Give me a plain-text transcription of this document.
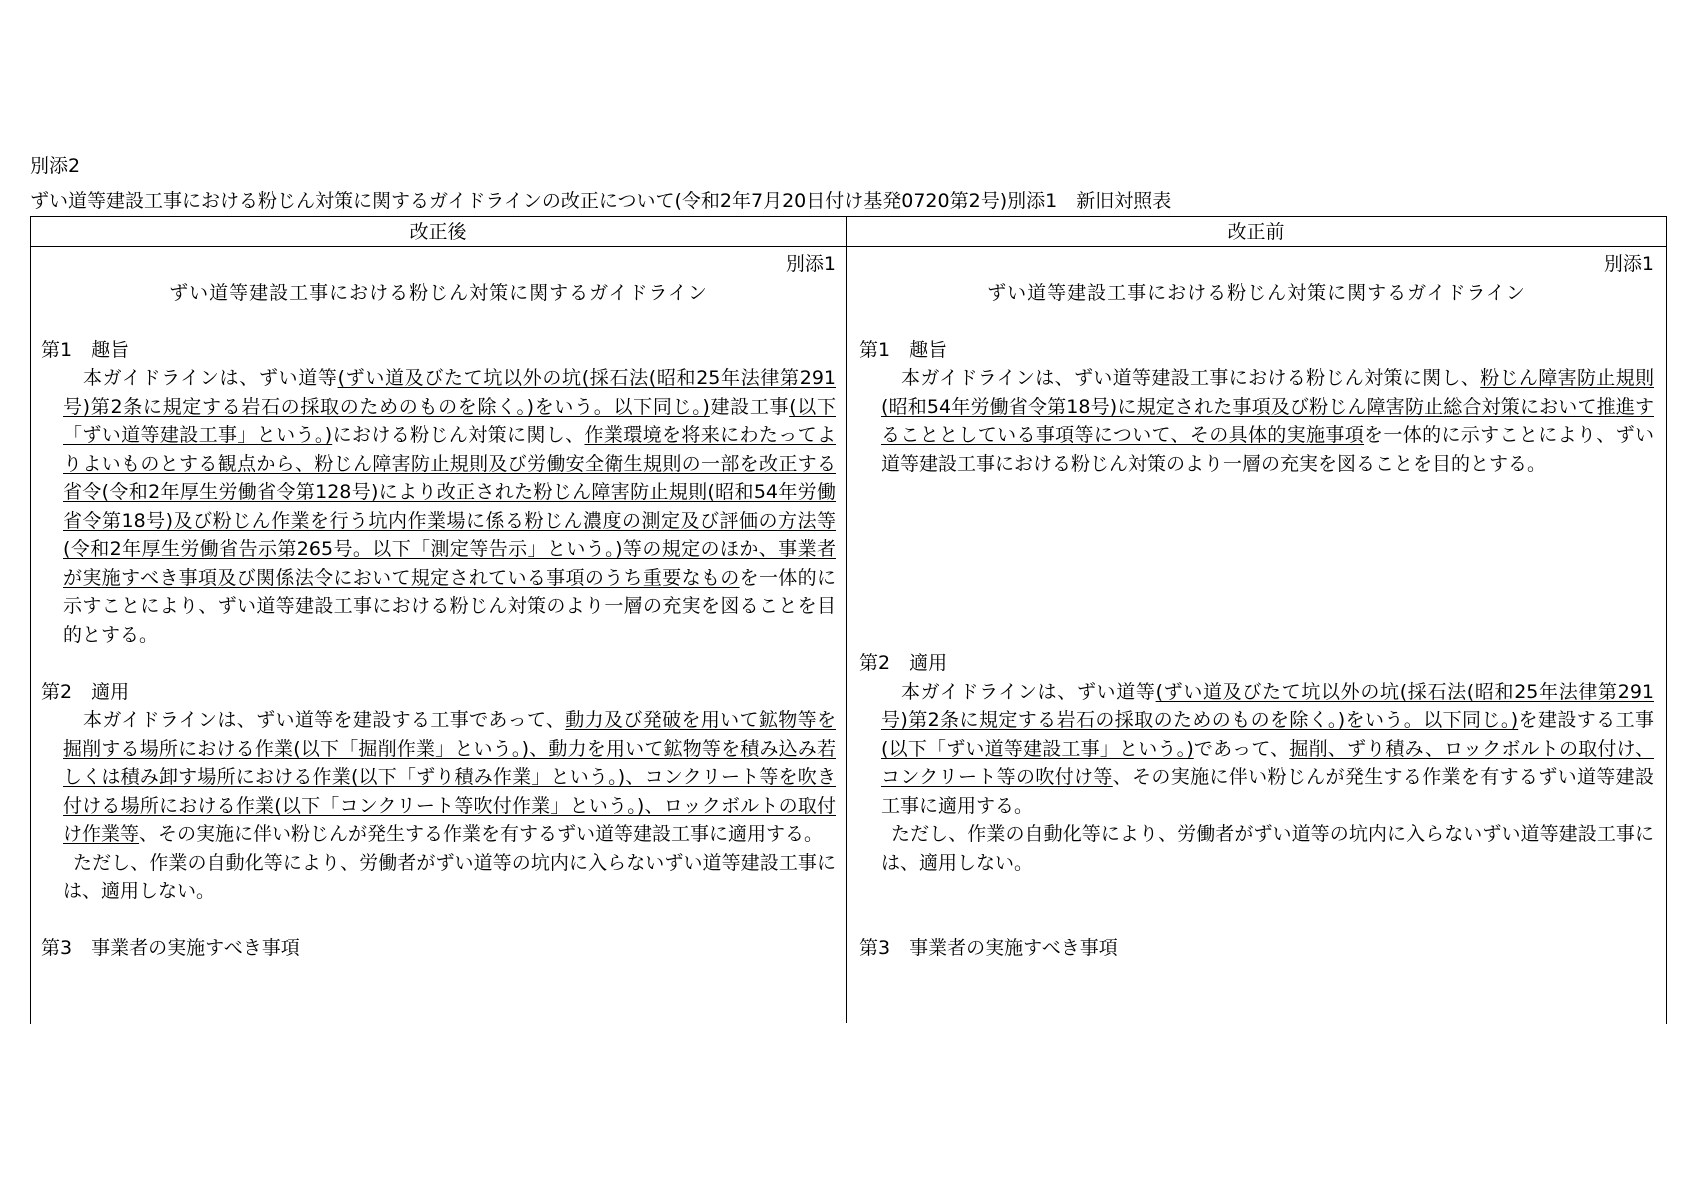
別添2
ずい道等建設工事における粉じん対策に関するガイドラインの改正について(令和2年7月20日付け基発0720第2号)別添1　新旧対照表
改正後	改正前

別添1

ずい道等建設工事における粉じん対策に関するガイドライン

第1　趣旨

本ガイドラインは、ずい道等(ずい道及びたて坑以外の坑(採石法(昭和25年法律第291号)第2条に規定する岩石の採取のためのものを除く。)をいう。以下同じ。)建設工事(以下「ずい道等建設工事」という。)における粉じん対策に関し、作業環境を将来にわたってよりよいものとする観点から、粉じん障害防止規則及び労働安全衛生規則の一部を改正する省令(令和2年厚生労働省令第128号)により改正された粉じん障害防止規則(昭和54年労働省令第18号)及び粉じん作業を行う坑内作業場に係る粉じん濃度の測定及び評価の方法等(令和2年厚生労働省告示第265号。以下「測定等告示」という。)等の規定のほか、事業者が実施すべき事項及び関係法令において規定されている事項のうち重要なものを一体的に示すことにより、ずい道等建設工事における粉じん対策のより一層の充実を図ることを目的とする。

第2　適用

本ガイドラインは、ずい道等を建設する工事であって、動力及び発破を用いて鉱物等を掘削する場所における作業(以下「掘削作業」という。)、動力を用いて鉱物等を積み込み若しくは積み卸す場所における作業(以下「ずり積み作業」という。)、コンクリート等を吹き付ける場所における作業(以下「コンクリート等吹付作業」という。)、ロックボルトの取付け作業等、その実施に伴い粉じんが発生する作業を有するずい道等建設工事に適用する。

ただし、作業の自動化等により、労働者がずい道等の坑内に入らないずい道等建設工事には、適用しない。

第3　事業者の実施すべき事項

別添1

ずい道等建設工事における粉じん対策に関するガイドライン

第1　趣旨

本ガイドラインは、ずい道等建設工事における粉じん対策に関し、粉じん障害防止規則(昭和54年労働省令第18号)に規定された事項及び粉じん障害防止総合対策において推進することとしている事項等について、その具体的実施事項を一体的に示すことにより、ずい道等建設工事における粉じん対策のより一層の充実を図ることを目的とする。

第2　適用

本ガイドラインは、ずい道等(ずい道及びたて坑以外の坑(採石法(昭和25年法律第291号)第2条に規定する岩石の採取のためのものを除く。)をいう。以下同じ。)を建設する工事(以下「ずい道等建設工事」という。)であって、掘削、ずり積み、ロックボルトの取付け、コンクリート等の吹付け等、その実施に伴い粉じんが発生する作業を有するずい道等建設工事に適用する。

ただし、作業の自動化等により、労働者がずい道等の坑内に入らないずい道等建設工事には、適用しない。

第3　事業者の実施すべき事項
